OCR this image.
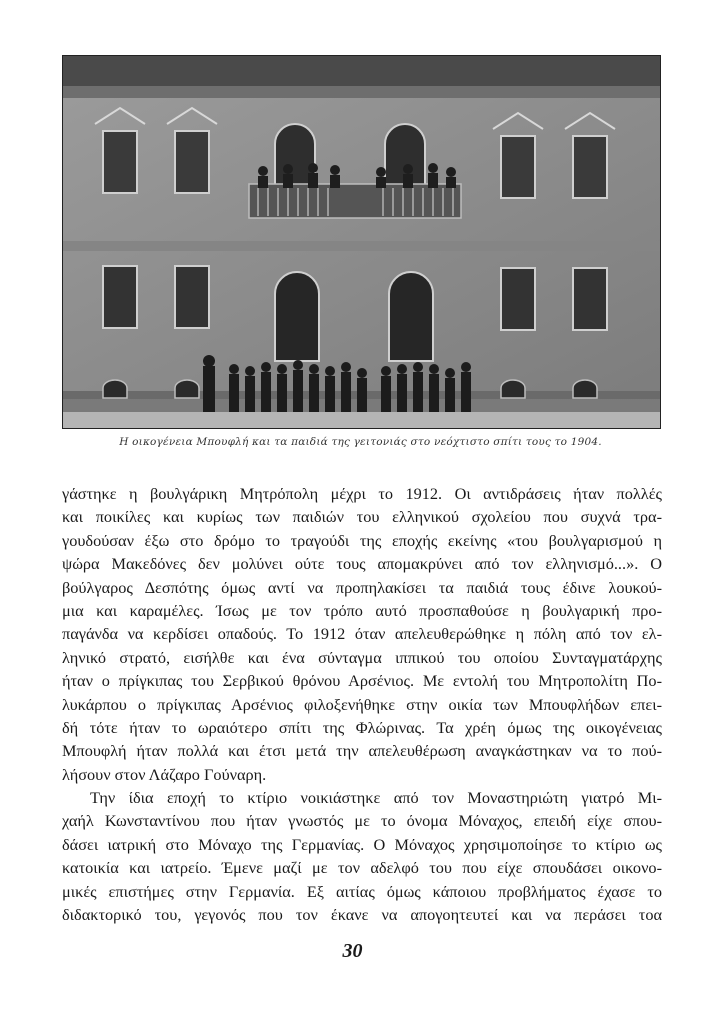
Η οικογένεια Μπουφλή και τα παιδιά της γειτονιάς στο νεόχτιστο σπίτι τους το 1904.
γάστηκε η βουλγάρικη Μητρόπολη μέχρι το 1912. Οι αντιδράσεις ήταν πολλές
και ποικίλες και κυρίως των παιδιών του ελληνικού σχολείου που συχνά τρα-
γουδούσαν έξω στο δρόμο το τραγούδι της εποχής εκείνης «του βουλγαρισμού η
ψώρα Μακεδόνες δεν μολύνει ούτε τους απομακρύνει από τον ελληνισμό...». Ο
βούλγαρος Δεσπότης όμως αντί να προπηλακίσει τα παιδιά τους έδινε λουκού-
μια και καραμέλες. Ίσως με τον τρόπο αυτό προσπαθούσε η βουλγαρική προ-
παγάνδα να κερδίσει οπαδούς. Το 1912 όταν απελευθερώθηκε η πόλη από τον ελ-
ληνικό στρατό, εισήλθε και ένα σύνταγμα ιππικού του οποίου Συνταγματάρχης
ήταν ο πρίγκιπας του Σερβικού θρόνου Αρσένιος. Με εντολή του Μητροπολίτη Πο-
λυκάρπου ο πρίγκιπας Αρσένιος φιλοξενήθηκε στην οικία των Μπουφλήδων επει-
δή τότε ήταν το ωραιότερο σπίτι της Φλώρινας. Τα χρέη όμως της οικογένειας
Μπουφλή ήταν πολλά και έτσι μετά την απελευθέρωση αναγκάστηκαν να το πού-
λήσουν στον Λάζαρο Γούναρη.
Την ίδια εποχή το κτίριο νοικιάστηκε από τον Μοναστηριώτη γιατρό Μι-
χαήλ Κωνσταντίνου που ήταν γνωστός με το όνομα Μόναχος, επειδή είχε σπου-
δάσει ιατρική στο Μόναχο της Γερμανίας. Ο Μόναχος χρησιμοποίησε το κτίριο ως
κατοικία και ιατρείο. Έμενε μαζί με τον αδελφό του που είχε σπουδάσει οικονο-
μικές επιστήμες στην Γερμανία. Εξ αιτίας όμως κάποιου προβλήματος έχασε το
διδακτορικό του, γεγονός που τον έκανε να απογοητευτεί και να περάσει τοα
30
